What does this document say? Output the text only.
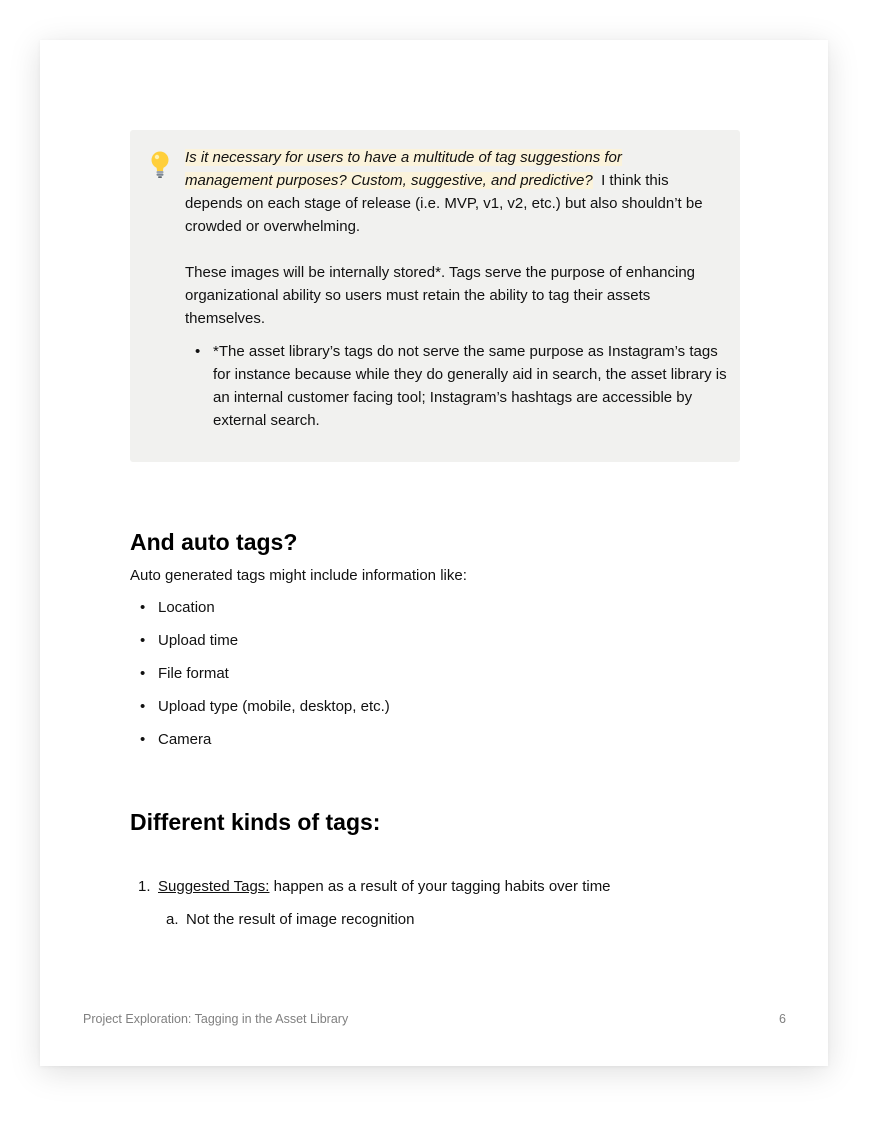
Is it necessary for users to have a multitude of tag suggestions for
management purposes? Custom, suggestive, and predictive? I think this depends on each stage of release (i.e. MVP, v1, v2, etc.) but also shouldn’t be crowded or overwhelming.
These images will be internally stored*. Tags serve the purpose of enhancing organizational ability so users must retain the ability to tag their assets themselves.
• *The asset library’s tags do not serve the same purpose as Instagram’s tags for instance because while they do generally aid in search, the asset library is an internal customer facing tool; Instagram’s hashtags are accessible by external search.
And auto tags?
Auto generated tags might include information like:
• Location
• Upload time
• File format
• Upload type (mobile, desktop, etc.)
• Camera
Different kinds of tags:
1. Suggested Tags: happen as a result of your tagging habits over time
a. Not the result of image recognition
Project Exploration: Tagging in the Asset Library	6
